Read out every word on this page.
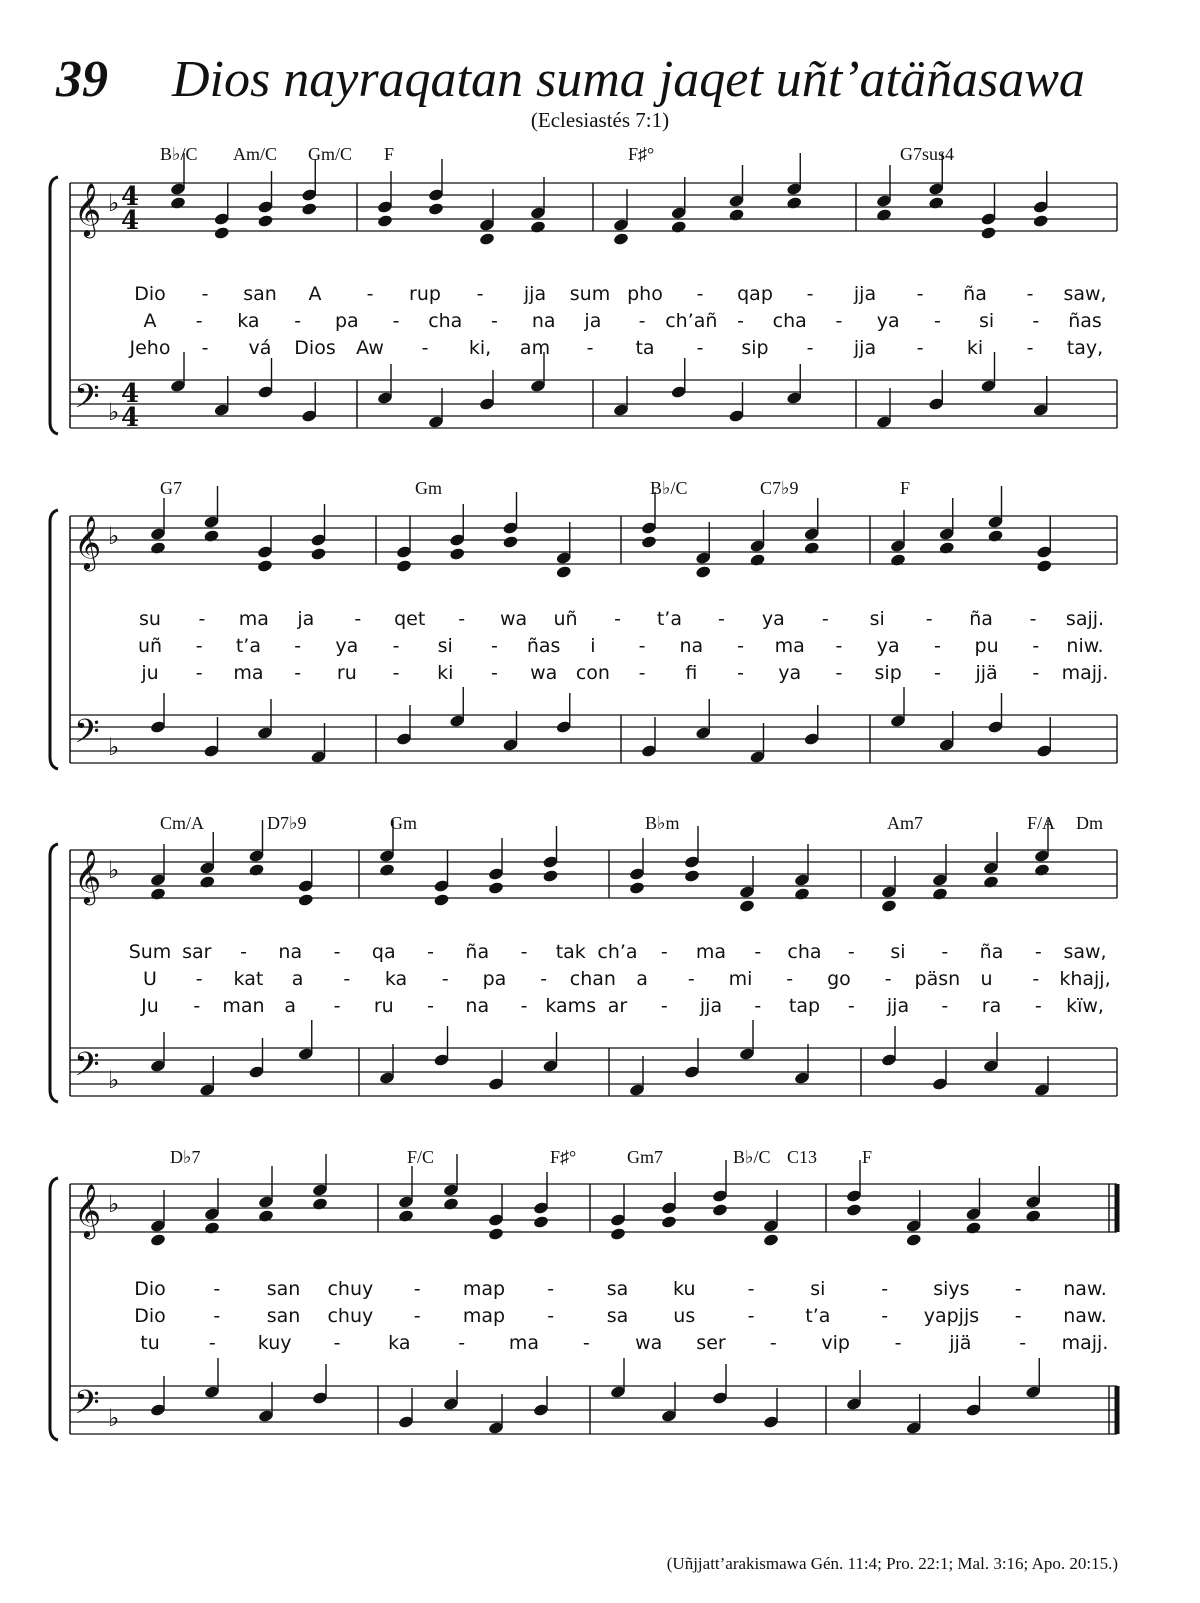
39 Dios nayraqatan suma jaqet uñt’atäñasawa
(Eclesiastés 7:1)
𝄞
𝄢
♭
♭
4
4
4
4
B♭/C Am/C Gm/C F	F♯°	G7sus4
Dio - san A - rup - jja sum pho - qap - jja - ña - saw,
A - ka - pa - cha - na ja - ch’añ - cha - ya - si - ñas
Jeho - vá Dios Aw - ki, am - ta - sip - jja - ki - tay,
𝄞
𝄢
♭
♭
G7	Gm	B♭/C	C7♭9	F
su - ma ja - qet - wa uñ - t’a - ya - si - ña - sajj.
uñ - t’a - ya - si - ñas i - na - ma - ya - pu - niw.
ju - ma - ru - ki - wa con - fi - ya - sip - jjä - majj.
𝄞
𝄢
♭
♭
Cm/A	D7♭9	Gm	B♭m	Am7	F/A Dm
Sum sar - na - qa - ña - tak ch’a - ma - cha - si - ña - saw,
U - kat a - ka - pa - chan a - mi - go - päsn u - khajj,
Ju - man a - ru - na - kams ar - jja - tap - jja - ra - kïw,
𝄞
𝄢
♭
♭
D♭7	F/C	F♯°	Gm7	B♭/C C13 F
Dio	- san chuy - map -	sa ku	-	si	- siys - naw.
Dio	- san chuy - map -	sa us	-	t’a	- yapjjs - naw.
tu	- kuy -	ka	- ma - wa ser - vip -	jjä	- majj.
(Uñjjatt’arakismawa Gén. 11:4; Pro. 22:1; Mal. 3:16; Apo. 20:15.)
